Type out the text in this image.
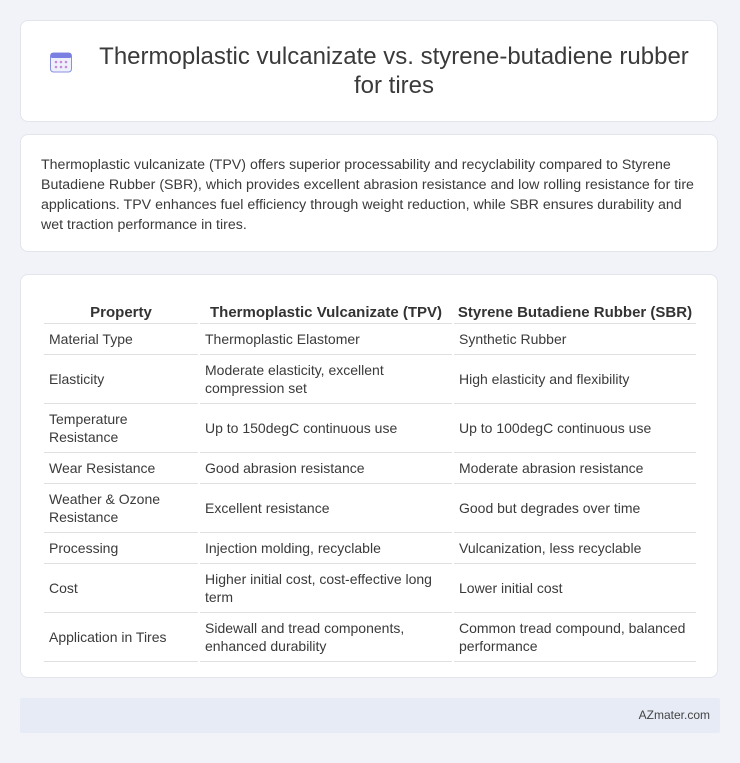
Thermoplastic vulcanizate vs. styrene-butadiene rubber for tires

Thermoplastic vulcanizate (TPV) offers superior processability and recyclability compared to Styrene Butadiene Rubber (SBR), which provides excellent abrasion resistance and low rolling resistance for tire applications. TPV enhances fuel efficiency through weight reduction, while SBR ensures durability and wet traction performance in tires.

Property	Thermoplastic Vulcanizate (TPV)	Styrene Butadiene Rubber (SBR)
Material Type	Thermoplastic Elastomer	Synthetic Rubber
Elasticity	Moderate elasticity, excellent compression set	High elasticity and flexibility
Temperature Resistance	Up to 150degC continuous use	Up to 100degC continuous use
Wear Resistance	Good abrasion resistance	Moderate abrasion resistance
Weather & Ozone Resistance	Excellent resistance	Good but degrades over time
Processing	Injection molding, recyclable	Vulcanization, less recyclable
Cost	Higher initial cost, cost-effective long term	Lower initial cost
Application in Tires	Sidewall and tread components, enhanced durability	Common tread compound, balanced performance
AZmater.com
